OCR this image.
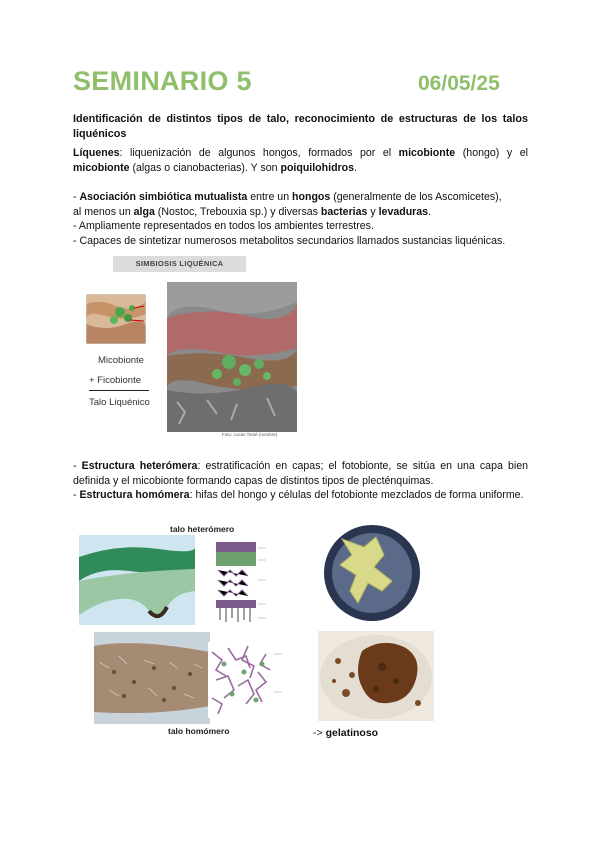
SEMINARIO 5	06/05/25
Identificación de distintos tipos de talo, reconocimiento de estructuras de los talos liquénicos
Líquenes: liquenización de algunos hongos, formados por el micobionte (hongo) y el micobionte (algas o cianobacterias). Y son poiquilohidros.
- Asociación simbiótica mutualista entre un hongos (generalmente de los Ascomicetes),
al menos un alga (Nostoc, Trebouxia sp.) y diversas bacterias y levaduras.
- Ampliamente representados en todos los ambientes terrestres.
- Capaces de sintetizar numerosos metabolitos secundarios llamados sustancias liquénicas.
SIMBIOSIS LIQUÉNICA
Micobionte
+ Ficobionte
Talo Liquénico
Foto: Lucas Tomé (nombre)
- Estructura heterómera: estratificación en capas; el fotobionte, se sitúa en una capa bien definida y el micobionte formando capas de distintos tipos de plecténquimas.
- Estructura homómera: hifas del hongo y células del fotobionte mezclados de forma uniforme.
talo heterómero
talo homómero	-> gelatinoso
